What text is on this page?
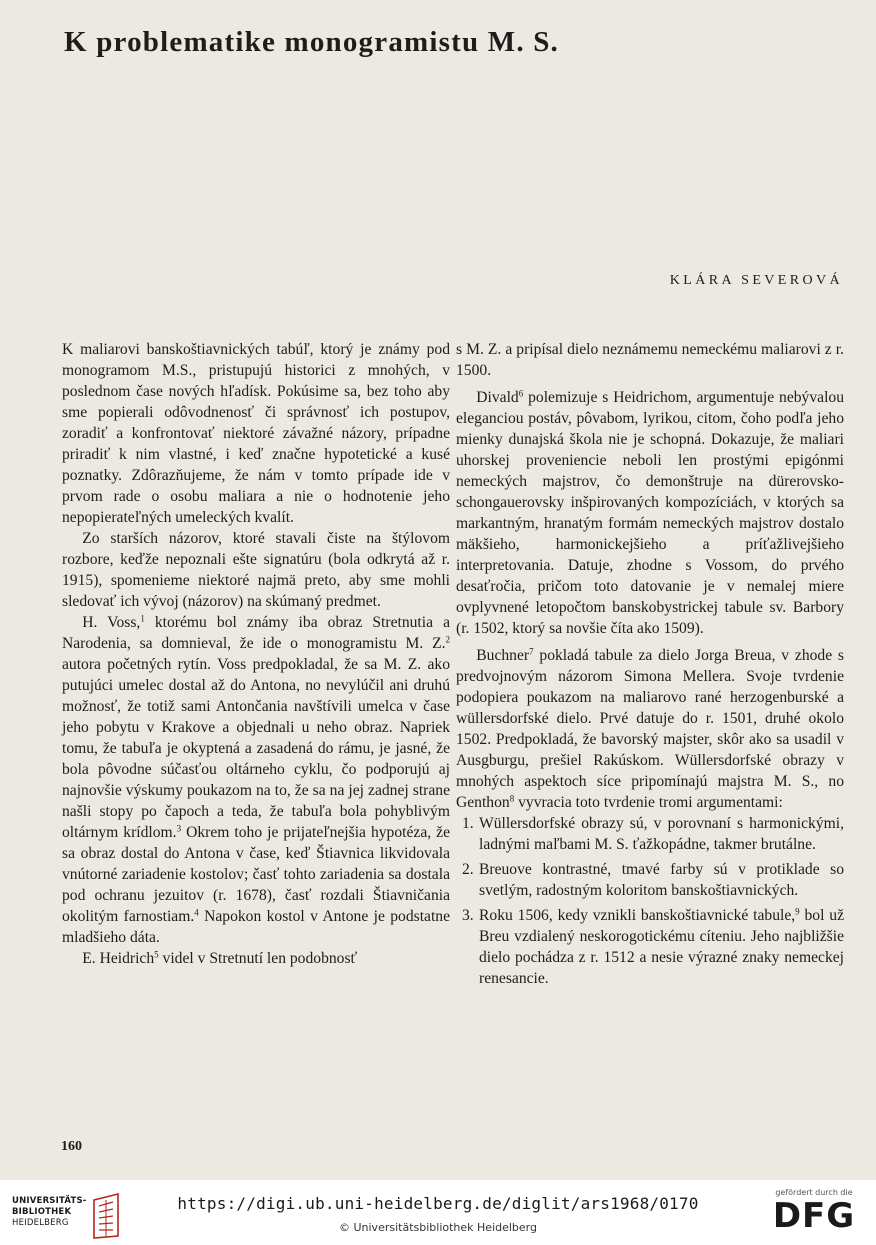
K problematike monogramistu M. S.
KLÁRA SEVEROVÁ

K maliarovi banskoštiavnických tabúľ, ktorý je známy pod monogramom M.S., pristupujú historici z mnohých, v poslednom čase nových hľadísk. Pokúsime sa, bez toho aby sme popierali odôvodnenosť či správnosť ich postupov, zoradiť a konfrontovať niektoré závažné názory, prípadne priradiť k nim vlastné, i keď značne hypotetické a kusé poznatky. Zdôrazňujeme, že nám v tomto prípade ide v prvom rade o osobu maliara a nie o hodnotenie jeho nepopierateľných umeleckých kvalít.

Zo starších názorov, ktoré stavali čiste na štýlovom rozbore, keďže nepoznali ešte signatúru (bola odkrytá až r. 1915), spomenieme niektoré najmä preto, aby sme mohli sledovať ich vývoj (názorov) na skúmaný predmet.

H. Voss,$^1$ ktorému bol známy iba obraz Stretnutia a Narodenia, sa domnieval, že ide o monogramistu M. Z.$^2$ autora početných rytín. Voss predpokladal, že sa M. Z. ako putujúci umelec dostal až do Antona, no nevylúčil ani druhú možnosť, že totiž sami Antončania navštívili umelca v čase jeho pobytu v Krakove a objednali u neho obraz. Napriek tomu, že tabuľa je okyptená a zasadená do rámu, je jasné, že bola pôvodne súčasťou oltárneho cyklu, čo podporujú aj najnovšie výskumy poukazom na to, že sa na jej zadnej strane našli stopy po čapoch a teda, že tabuľa bola pohyblivým oltárnym krídlom.$^3$ Okrem toho je prijateľnejšia hypotéza, že sa obraz dostal do Antona v čase, keď Štiavnica likvidovala vnútorné zariadenie kostolov; časť tohto zariadenia sa dostala pod ochranu jezuitov (r. 1678), časť rozdali Štiavničania okolitým farnostiam.$^4$ Napokon kostol v Antone je podstatne mladšieho dáta.

E. Heidrich$^5$ videl v Stretnutí len podobnosť

s M. Z. a pripísal dielo neznámemu nemeckému maliarovi z r. 1500.

Divald$^6$ polemizuje s Heidrichom, argumentuje nebývalou eleganciou postáv, pôvabom, lyrikou, citom, čoho podľa jeho mienky dunajská škola nie je schopná. Dokazuje, že maliari uhorskej proveniencie neboli len prostými epigónmi nemeckých majstrov, čo demonštruje na dürerovsko-schongauerovsky inšpirovaných kompozíciách, v ktorých sa markantným, hranatým formám nemeckých majstrov dostalo mäkšieho, harmonickejšieho a príťažlivejšieho interpretovania. Datuje, zhodne s Vossom, do prvého desaťročia, pričom toto datovanie je v nemalej miere ovplyvnené letopočtom banskobystrickej tabule sv. Barbory (r. 1502, ktorý sa novšie číta ako 1509).

Buchner$^7$ pokladá tabule za dielo Jorga Breua, v zhode s predvojnovým názorom Simona Mellera. Svoje tvrdenie podopiera poukazom na maliarovo rané herzogenburské a wüllersdorfské dielo. Prvé datuje do r. 1501, druhé okolo 1502. Predpokladá, že bavorský majster, skôr ako sa usadil v Ausgburgu, prešiel Rakúskom. Wüllersdorfské obrazy v mnohých aspektoch síce pripomínajú majstra M. S., no Genthon$^8$ vyvracia toto tvrdenie tromi argumentami:

1. Wüllersdorfské obrazy sú, v porovnaní s harmonickými, ladnými maľbami M. S. ťažkopádne, takmer brutálne.
2. Breuove kontrastné, tmavé farby sú v protiklade so svetlým, radostným koloritom banskoštiavnických.
3. Roku 1506, kedy vznikli banskoštiavnické tabule,$^9$ bol už Breu vzdialený neskorogotickému cíteniu. Jeho najbližšie dielo pochádza z r. 1512 a nesie výrazné znaky nemeckej renesancie.
160
UNIVERSITÄTS-
BIBLIOTHEK
HEIDELBERG
https://digi.ub.uni-heidelberg.de/diglit/ars1968/0170
© Universitätsbibliothek Heidelberg
gefördert durch die
DFG
